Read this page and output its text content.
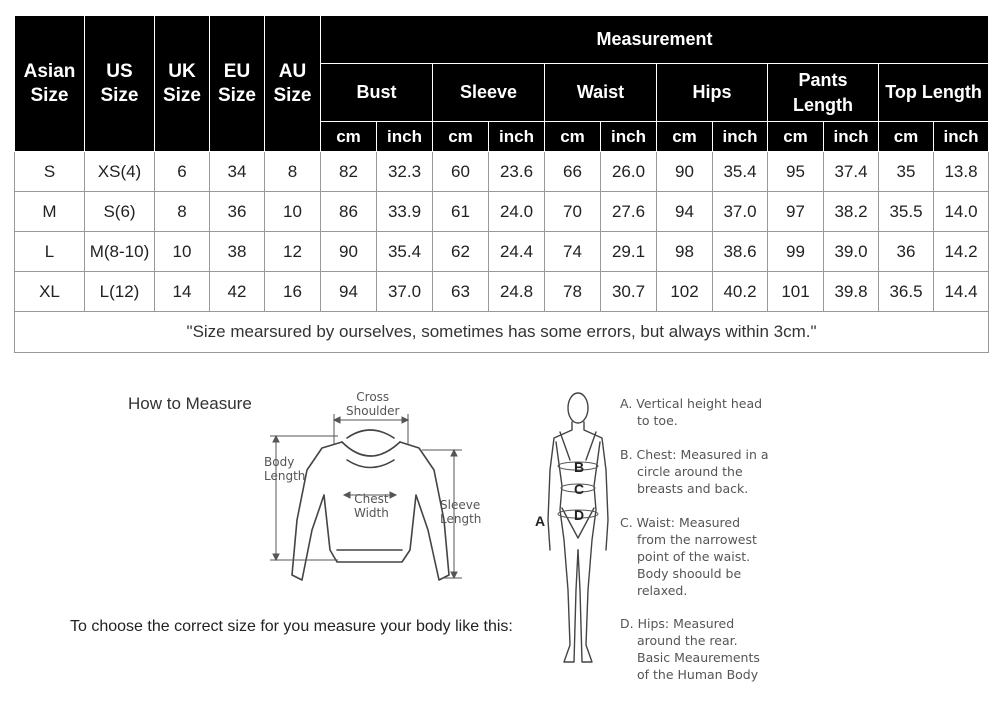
Asian Size	US Size	UK Size	EU Size	AU Size	Measurement											
					Bust		Sleeve		Waist		Hips		Pants Length		Top Length	
					cm	inch	cm	inch	cm	inch	cm	inch	cm	inch	cm	inch
S	XS(4)	6	34	8	82	32.3	60	23.6	66	26.0	90	35.4	95	37.4	35	13.8
M	S(6)	8	36	10	86	33.9	61	24.0	70	27.6	94	37.0	97	38.2	35.5	14.0
L	M(8-10)	10	38	12	90	35.4	62	24.4	74	29.1	98	38.6	99	39.0	36	14.2
XL	L(12)	14	42	16	94	37.0	63	24.8	78	30.7	102	40.2	101	39.8	36.5	14.4
"Size mearsured by ourselves, sometimes has some errors, but always within 3cm."																
How to Measure	Cross
Shoulder
Body
Length
Chest
Width
Sleeve
Length
To choose the correct size for you measure your body like this:
B
C
D
A
A. Vertical height head
to toe.
B. Chest: Measured in a
circle around the
breasts and back.
C. Waist: Measured
from the narrowest
point of the waist.
Body shoould be
relaxed.
D. Hips: Measured
around the rear.
Basic Meaurements
of the Human Body
